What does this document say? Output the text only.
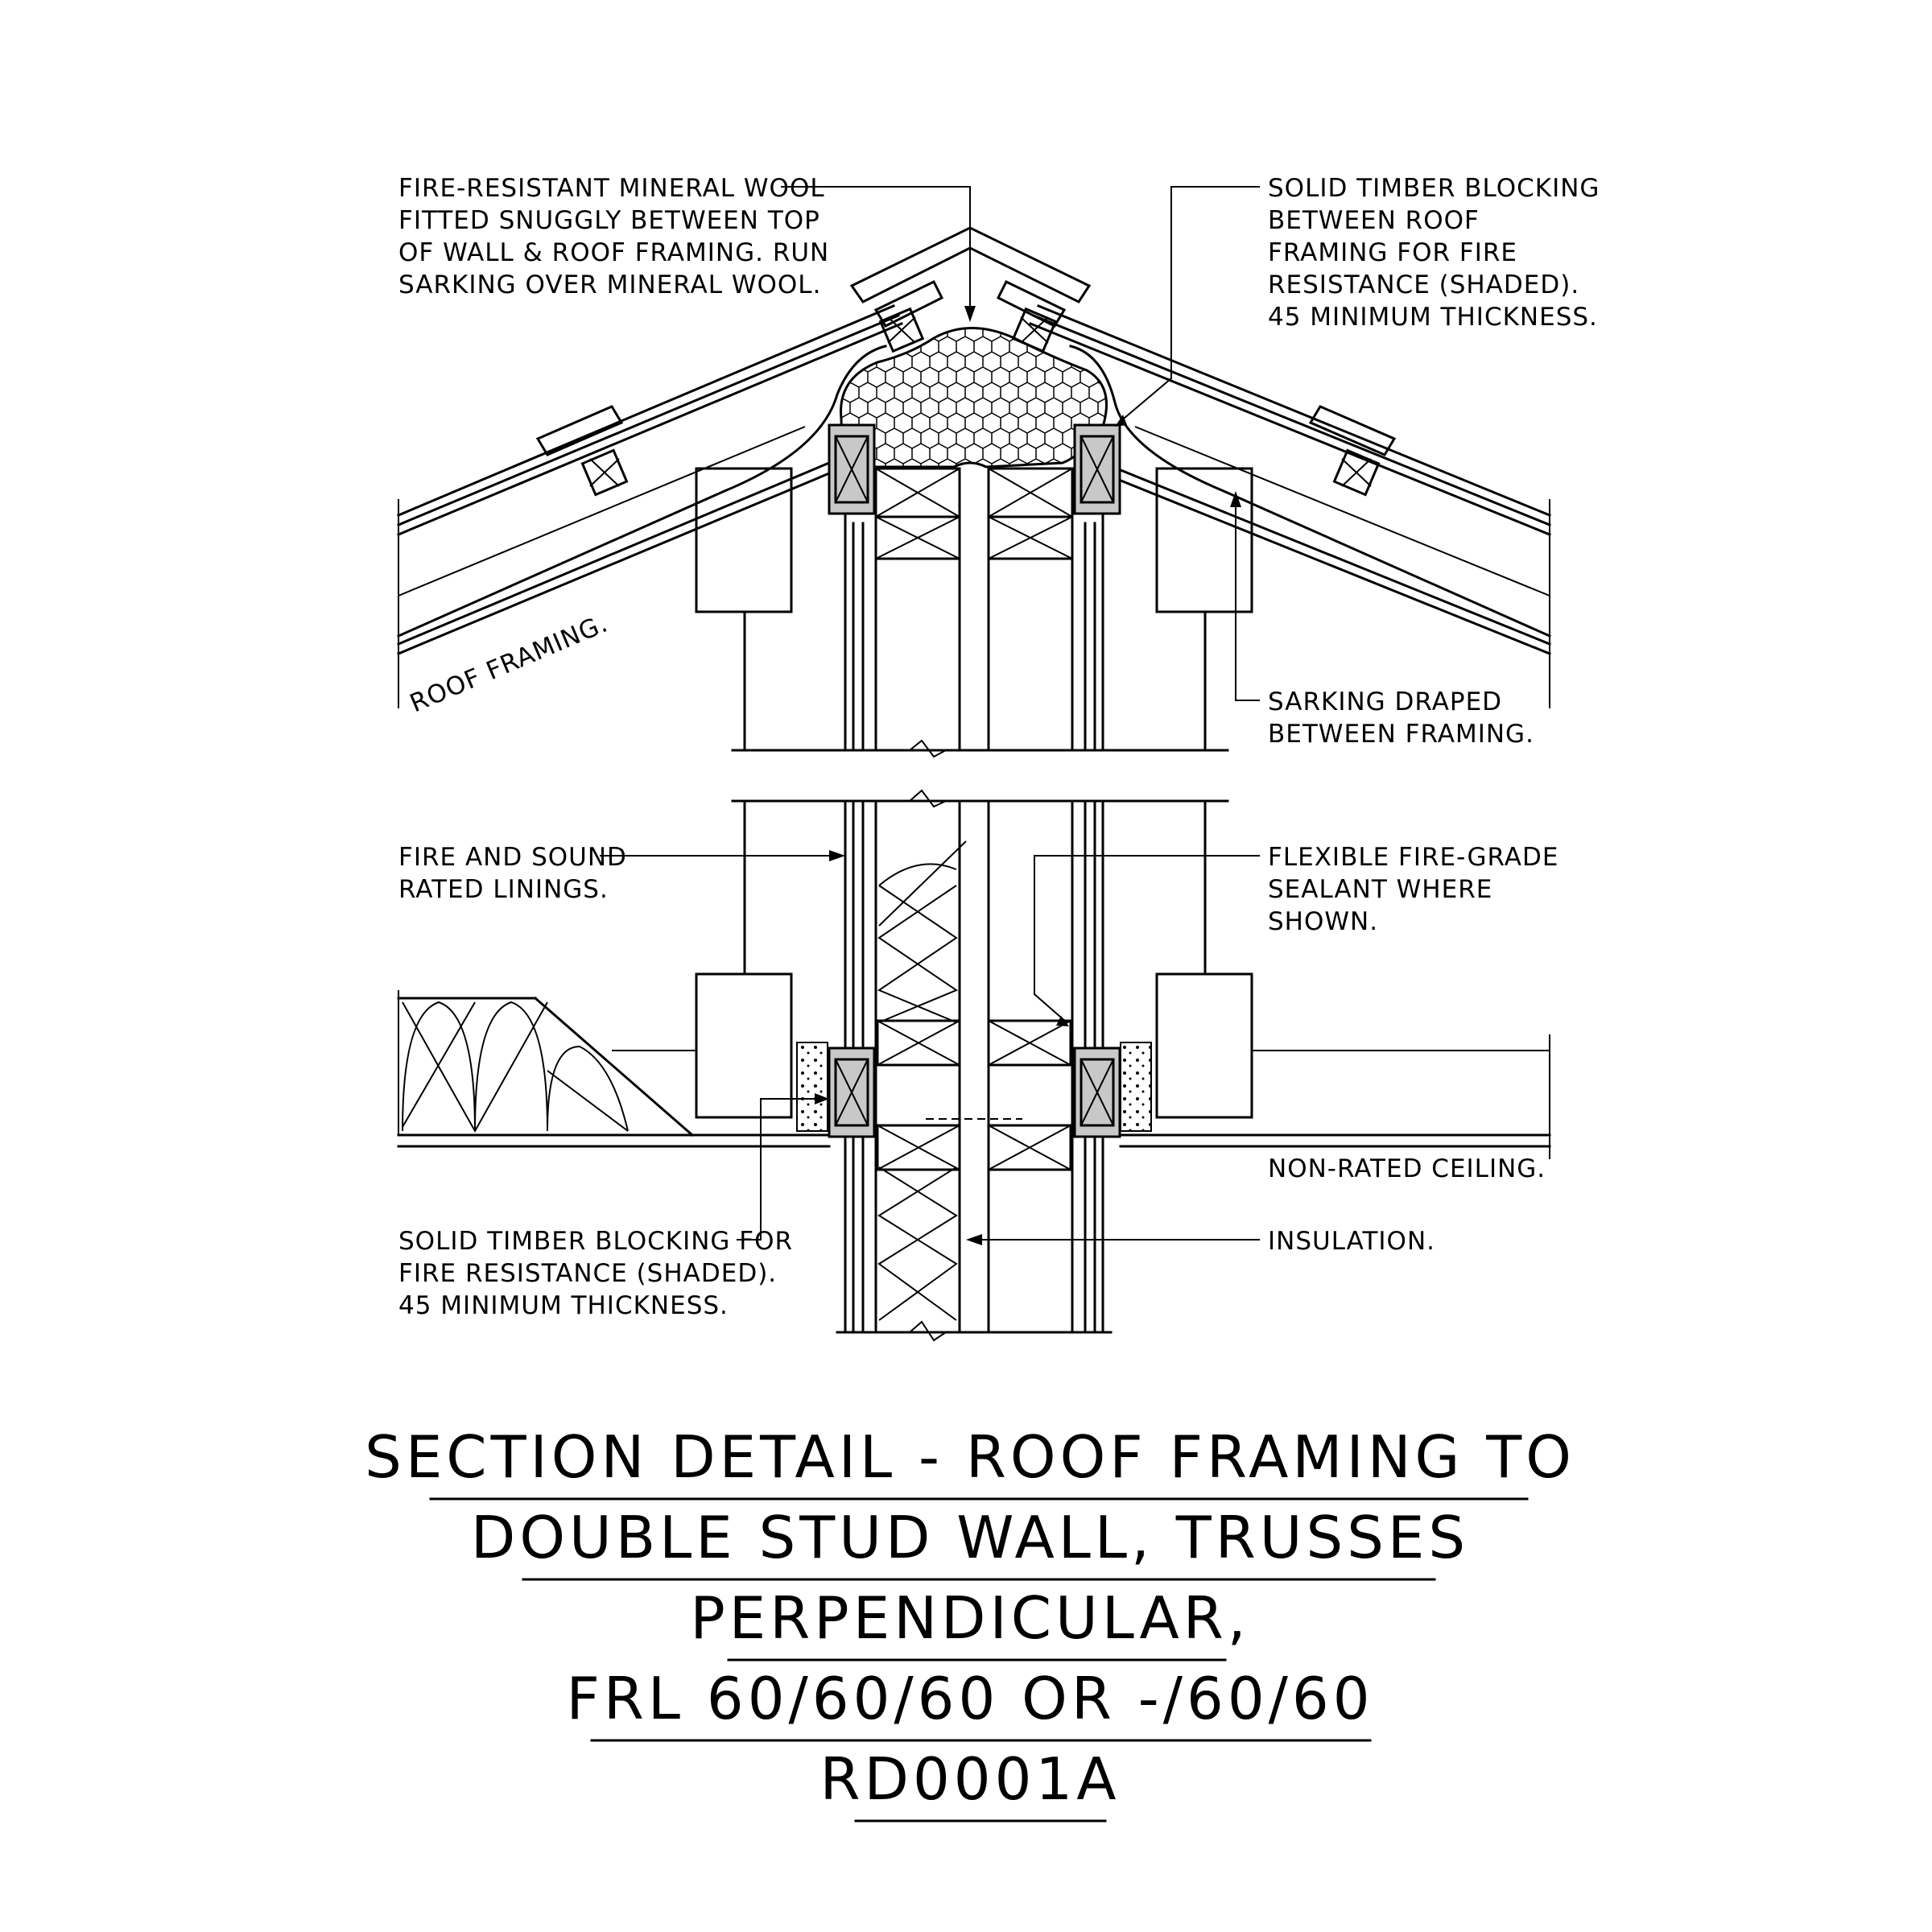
FIRE-RESISTANT MINERAL WOOL
FITTED SNUGGLY BETWEEN TOP
OF WALL & ROOF FRAMING. RUN
SARKING OVER MINERAL WOOL.
SOLID TIMBER BLOCKING
BETWEEN ROOF
FRAMING FOR FIRE
RESISTANCE (SHADED).
45 MINIMUM THICKNESS.
ROOF FRAMING.	SARKING DRAPED
BETWEEN FRAMING.
FIRE AND SOUND
RATED LININGS.
FLEXIBLE FIRE-GRADE
SEALANT WHERE
SHOWN.
NON-RATED CEILING.
SOLID TIMBER BLOCKING FOR
FIRE RESISTANCE (SHADED).
45 MINIMUM THICKNESS.
INSULATION.
SECTION DETAIL - ROOF FRAMING TO
DOUBLE STUD WALL, TRUSSES
PERPENDICULAR,
FRL 60/60/60 OR -/60/60
RD0001A
